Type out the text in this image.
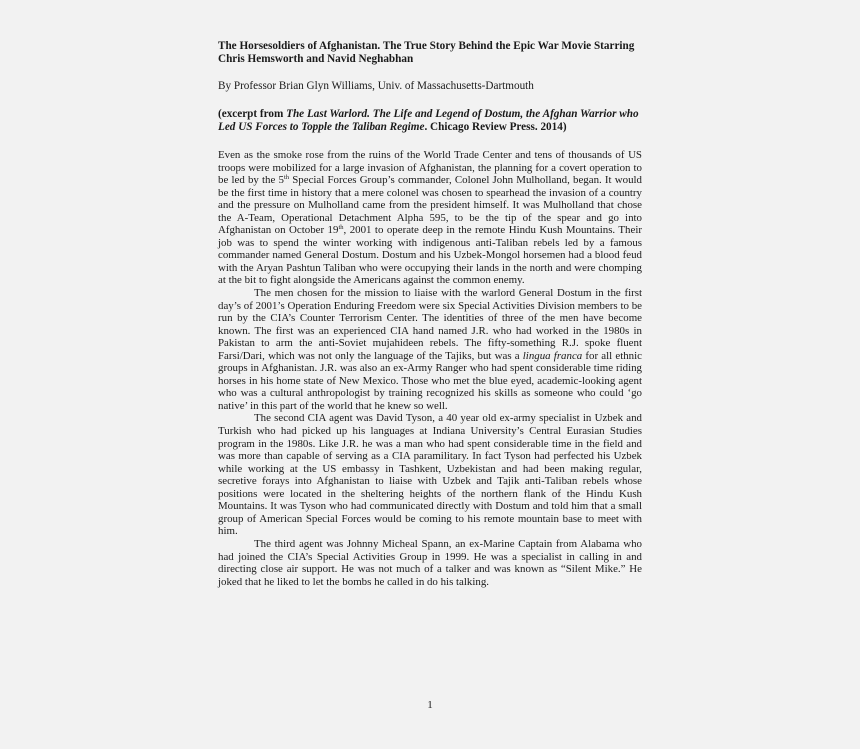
The Horsesoldiers of Afghanistan. The True Story Behind the Epic War Movie Starring Chris Hemsworth and Navid Neghabhan

By Professor Brian Glyn Williams, Univ. of Massachusetts-Dartmouth

(excerpt from The Last Warlord. The Life and Legend of Dostum, the Afghan Warrior who Led US Forces to Topple the Taliban Regime. Chicago Review Press. 2014)

Even as the smoke rose from the ruins of the World Trade Center and tens of thousands of US troops were mobilized for a large invasion of Afghanistan, the planning for a covert operation to be led by the 5th Special Forces Group’s commander, Colonel John Mulholland, began. It would be the first time in history that a mere colonel was chosen to spearhead the invasion of a country and the pressure on Mulholland came from the president himself. It was Mulholland that chose the A-Team, Operational Detachment Alpha 595, to be the tip of the spear and go into Afghanistan on October 19th, 2001 to operate deep in the remote Hindu Kush Mountains. Their job was to spend the winter working with indigenous anti-Taliban rebels led by a famous commander named General Dostum. Dostum and his Uzbek-Mongol horsemen had a blood feud with the Aryan Pashtun Taliban who were occupying their lands in the north and were chomping at the bit to fight alongside the Americans against the common enemy.

The men chosen for the mission to liaise with the warlord General Dostum in the first day’s of 2001’s Operation Enduring Freedom were six Special Activities Division members to be run by the CIA’s Counter Terrorism Center. The identities of three of the men have become known. The first was an experienced CIA hand named J.R. who had worked in the 1980s in Pakistan to arm the anti-Soviet mujahideen rebels. The fifty-something R.J. spoke fluent Farsi/Dari, which was not only the language of the Tajiks, but was a lingua franca for all ethnic groups in Afghanistan. J.R. was also an ex-Army Ranger who had spent considerable time riding horses in his home state of New Mexico. Those who met the blue eyed, academic-looking agent who was a cultural anthropologist by training recognized his skills as someone who could ‘go native’ in this part of the world that he knew so well.

The second CIA agent was David Tyson, a 40 year old ex-army specialist in Uzbek and Turkish who had picked up his languages at Indiana University’s Central Eurasian Studies program in the 1980s. Like J.R. he was a man who had spent considerable time in the field and was more than capable of serving as a CIA paramilitary. In fact Tyson had perfected his Uzbek while working at the US embassy in Tashkent, Uzbekistan and had been making regular, secretive forays into Afghanistan to liaise with Uzbek and Tajik anti-Taliban rebels whose positions were located in the sheltering heights of the northern flank of the Hindu Kush Mountains. It was Tyson who had communicated directly with Dostum and told him that a small group of American Special Forces would be coming to his remote mountain base to meet with him.

The third agent was Johnny Micheal Spann, an ex-Marine Captain from Alabama who had joined the CIA’s Special Activities Group in 1999. He was a specialist in calling in and directing close air support. He was not much of a talker and was known as “Silent Mike.” He joked that he liked to let the bombs he called in do his talking.

1
